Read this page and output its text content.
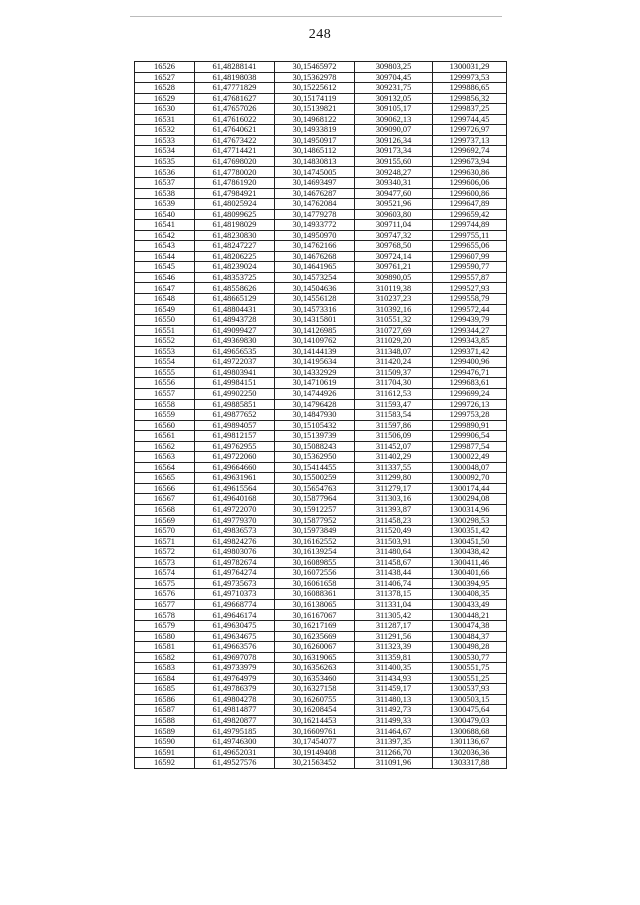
248
16526	61,48288141	30,15465972	309803,25	1300031,29
16527	61,48198038	30,15362978	309704,45	1299973,53
16528	61,47771829	30,15225612	309231,75	1299886,65
16529	61,47681627	30,15174119	309132,05	1299856,32
16530	61,47657026	30,15139821	309105,17	1299837,25
16531	61,47616022	30,14968122	309062,13	1299744,45
16532	61,47640621	30,14933819	309090,07	1299726,97
16533	61,47673422	30,14950917	309126,34	1299737,13
16534	61,47714421	30,14865112	309173,34	1299692,74
16535	61,47698020	30,14830813	309155,60	1299673,94
16536	61,47780020	30,14745005	309248,27	1299630,86
16537	61,47861920	30,14693497	309340,31	1299606,06
16538	61,47984921	30,14676287	309477,60	1299600,86
16539	61,48025924	30,14762084	309521,96	1299647,89
16540	61,48099625	30,14779278	309603,80	1299659,42
16541	61,48198029	30,14933772	309711,04	1299744,89
16542	61,48230830	30,14950970	309747,32	1299755,11
16543	61,48247227	30,14762166	309768,50	1299655,06
16544	61,48206225	30,14676268	309724,14	1299607,99
16545	61,48239024	30,14641965	309761,21	1299590,77
16546	61,48353725	30,14573254	309890,05	1299557,87
16547	61,48558626	30,14504636	310119,38	1299527,93
16548	61,48665129	30,14556128	310237,23	1299558,79
16549	61,48804431	30,14573316	310392,16	1299572,44
16550	61,48943728	30,14315801	310551,32	1299439,79
16551	61,49099427	30,14126985	310727,69	1299344,27
16552	61,49369830	30,14109762	311029,20	1299343,85
16553	61,49656535	30,14144139	311348,07	1299371,42
16554	61,49722037	30,14195634	311420,24	1299400,96
16555	61,49803941	30,14332929	311509,37	1299476,71
16556	61,49984151	30,14710619	311704,30	1299683,61
16557	61,49902250	30,14744926	311612,53	1299699,24
16558	61,49885851	30,14796428	311593,47	1299726,13
16559	61,49877652	30,14847930	311583,54	1299753,28
16560	61,49894057	30,15105432	311597,86	1299890,91
16561	61,49812157	30,15139739	311506,09	1299906,54
16562	61,49762955	30,15088243	311452,07	1299877,54
16563	61,49722060	30,15362950	311402,29	1300022,49
16564	61,49664660	30,15414455	311337,55	1300048,07
16565	61,49631961	30,15500259	311299,80	1300092,70
16566	61,49615564	30,15654763	311279,17	1300174,44
16567	61,49640168	30,15877964	311303,16	1300294,08
16568	61,49722070	30,15912257	311393,87	1300314,96
16569	61,49779370	30,15877952	311458,23	1300298,53
16570	61,49836573	30,15973849	311520,49	1300351,42
16571	61,49824276	30,16162552	311503,91	1300451,50
16572	61,49803076	30,16139254	311480,64	1300438,42
16573	61,49782674	30,16089855	311458,67	1300411,46
16574	61,49764274	30,16072556	311438,44	1300401,66
16575	61,49735673	30,16061658	311406,74	1300394,95
16576	61,49710373	30,16088361	311378,15	1300408,35
16577	61,49668774	30,16138065	311331,04	1300433,49
16578	61,49646174	30,16167067	311305,42	1300448,21
16579	61,49630475	30,16217169	311287,17	1300474,38
16580	61,49634675	30,16235669	311291,56	1300484,37
16581	61,49663576	30,16260067	311323,39	1300498,28
16582	61,49697078	30,16319065	311359,81	1300530,77
16583	61,49733979	30,16356263	311400,35	1300551,75
16584	61,49764979	30,16353460	311434,93	1300551,25
16585	61,49786379	30,16327158	311459,17	1300537,93
16586	61,49804278	30,16260755	311480,13	1300503,15
16587	61,49814877	30,16208454	311492,73	1300475,64
16588	61,49820877	30,16214453	311499,33	1300479,03
16589	61,49795185	30,16609761	311464,67	1300688,68
16590	61,49746300	30,17454077	311397,35	1301136,67
16591	61,49652031	30,19149408	311266,70	1302036,36
16592	61,49527576	30,21563452	311091,96	1303317,88
